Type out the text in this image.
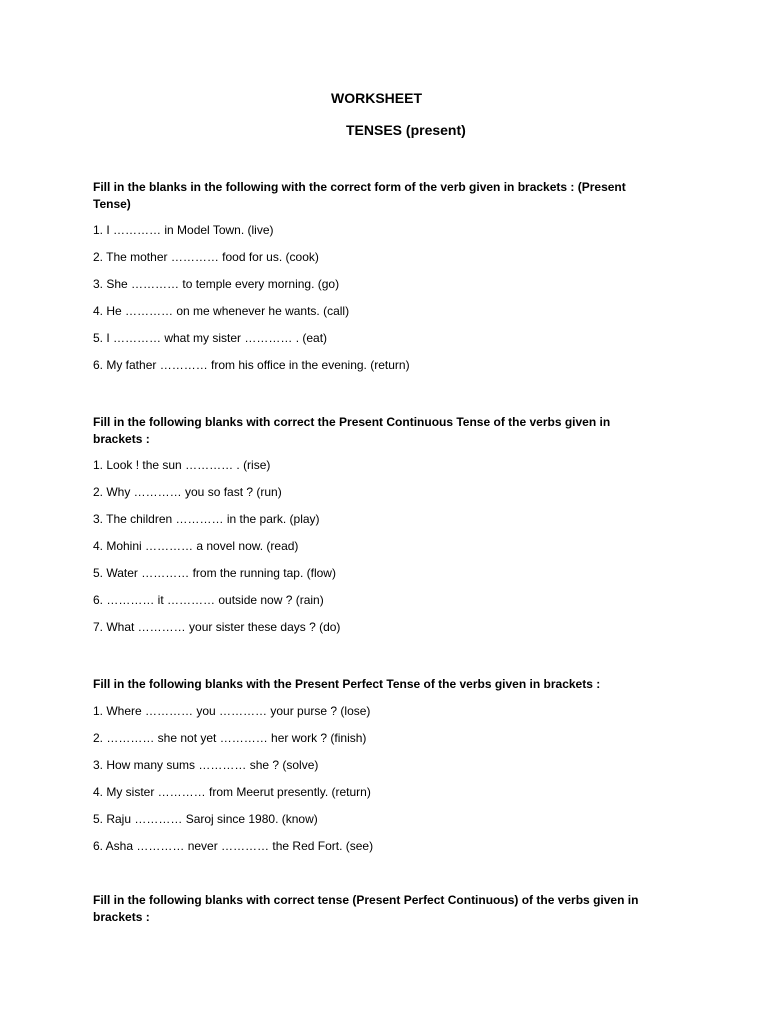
WORKSHEET
TENSES (present)

Fill in the blanks in the following with the correct form of the verb given in brackets : (Present Tense)

1. I ………… in Model Town. (live)
2. The mother ………… food for us. (cook)
3. She ………… to temple every morning. (go)
4. He ………… on me whenever he wants. (call)
5. I ………… what my sister ………… . (eat)
6. My father ………… from his office in the evening. (return)

Fill in the following blanks with correct the Present Continuous Tense of the verbs given in brackets :

1. Look ! the sun ………… . (rise)
2. Why ………… you so fast ? (run)
3. The children ………… in the park. (play)
4. Mohini ………… a novel now. (read)
5. Water ………… from the running tap. (flow)
6. ………… it ………… outside now ? (rain)
7. What ………… your sister these days ? (do)

Fill in the following blanks with the Present Perfect Tense of the verbs given in brackets :

1. Where ………… you ………… your purse ? (lose)
2. ………… she not yet ………… her work ? (finish)
3. How many sums ………… she ? (solve)
4. My sister ………… from Meerut presently. (return)
5. Raju ………… Saroj since 1980. (know)
6. Asha ………… never ………… the Red Fort. (see)

Fill in the following blanks with correct tense (Present Perfect Continuous) of the verbs given in brackets :
